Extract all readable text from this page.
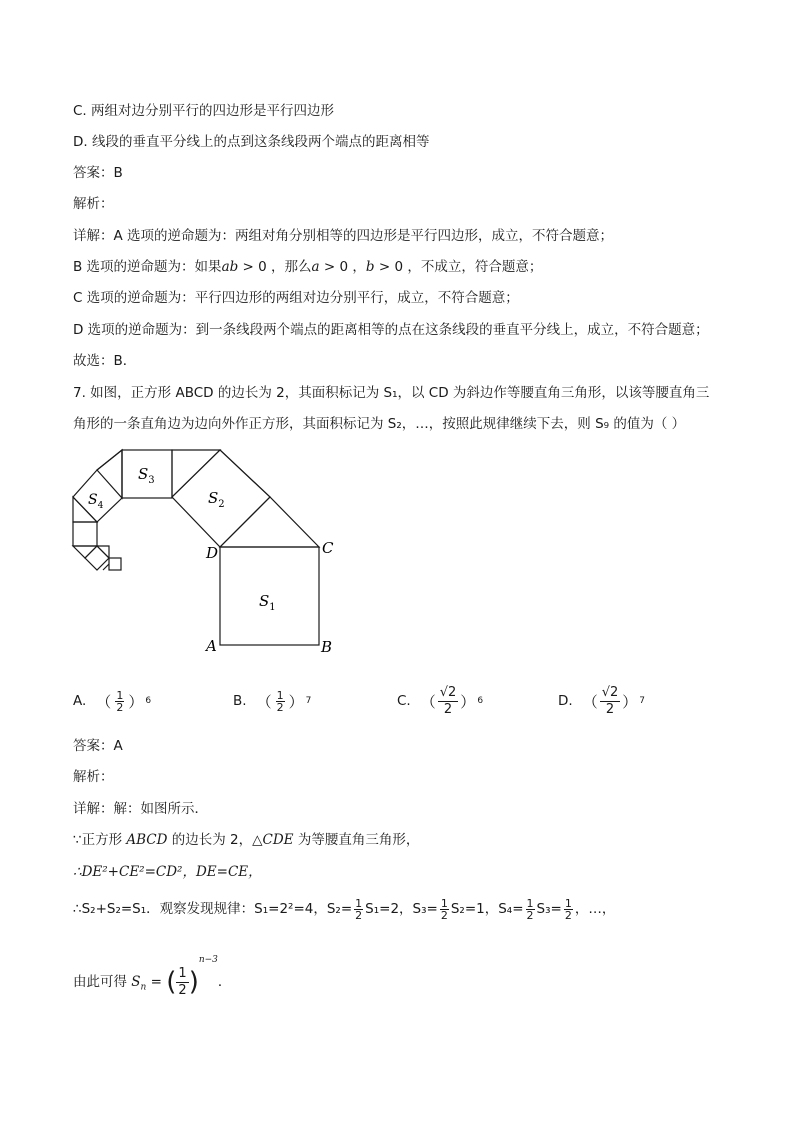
C. 两组对边分别平行的四边形是平行四边形
D. 线段的垂直平分线上的点到这条线段两个端点的距离相等
答案：B
解析：
详解：A 选项的逆命题为：两组对角分别相等的四边形是平行四边形，成立，不符合题意；
B 选项的逆命题为：如果ab > 0 ，那么a > 0 ，b > 0 ，不成立，符合题意；
C 选项的逆命题为：平行四边形的两组对边分别平行，成立，不符合题意；
D 选项的逆命题为：到一条线段两个端点的距离相等的点在这条线段的垂直平分线上，成立，不符合题意；
故选：B．
7. 如图，正方形 ABCD 的边长为 2，其面积标记为 S₁，以 CD 为斜边作等腰直角三角形，以该等腰直角三
角形的一条直角边为边向外作正方形，其面积标记为 S₂，…，按照此规律继续下去，则 S₉ 的值为（ ）
A	B
C
D
$S_1$
$S_2$
$S_3$
$S_4$
A. （ $\frac{1}{2}$ ） 6	B. （ $\frac{1}{2}$ ） 7	C. （
√2
2 ） 6	D. （
√2
2 ） 7
答案：A
解析：
详解：解：如图所示．
∵正方形 ABCD 的边长为 2，△CDE 为等腰直角三角形，
∴DE²+CE²=CD²，DE=CE，
∴S₂+S₂=S₁．观察发现规律：S₁=2²=4，$S_2= \frac{1}{2} S_1=2$，$S_3= \frac{1}{2} S_2=1$，$S_4= \frac{1}{2} S_3= \frac{1}{2}$ ，…，
由此可得 $S_n$ = ( $\frac{1}{2} )^{n-3}$．
